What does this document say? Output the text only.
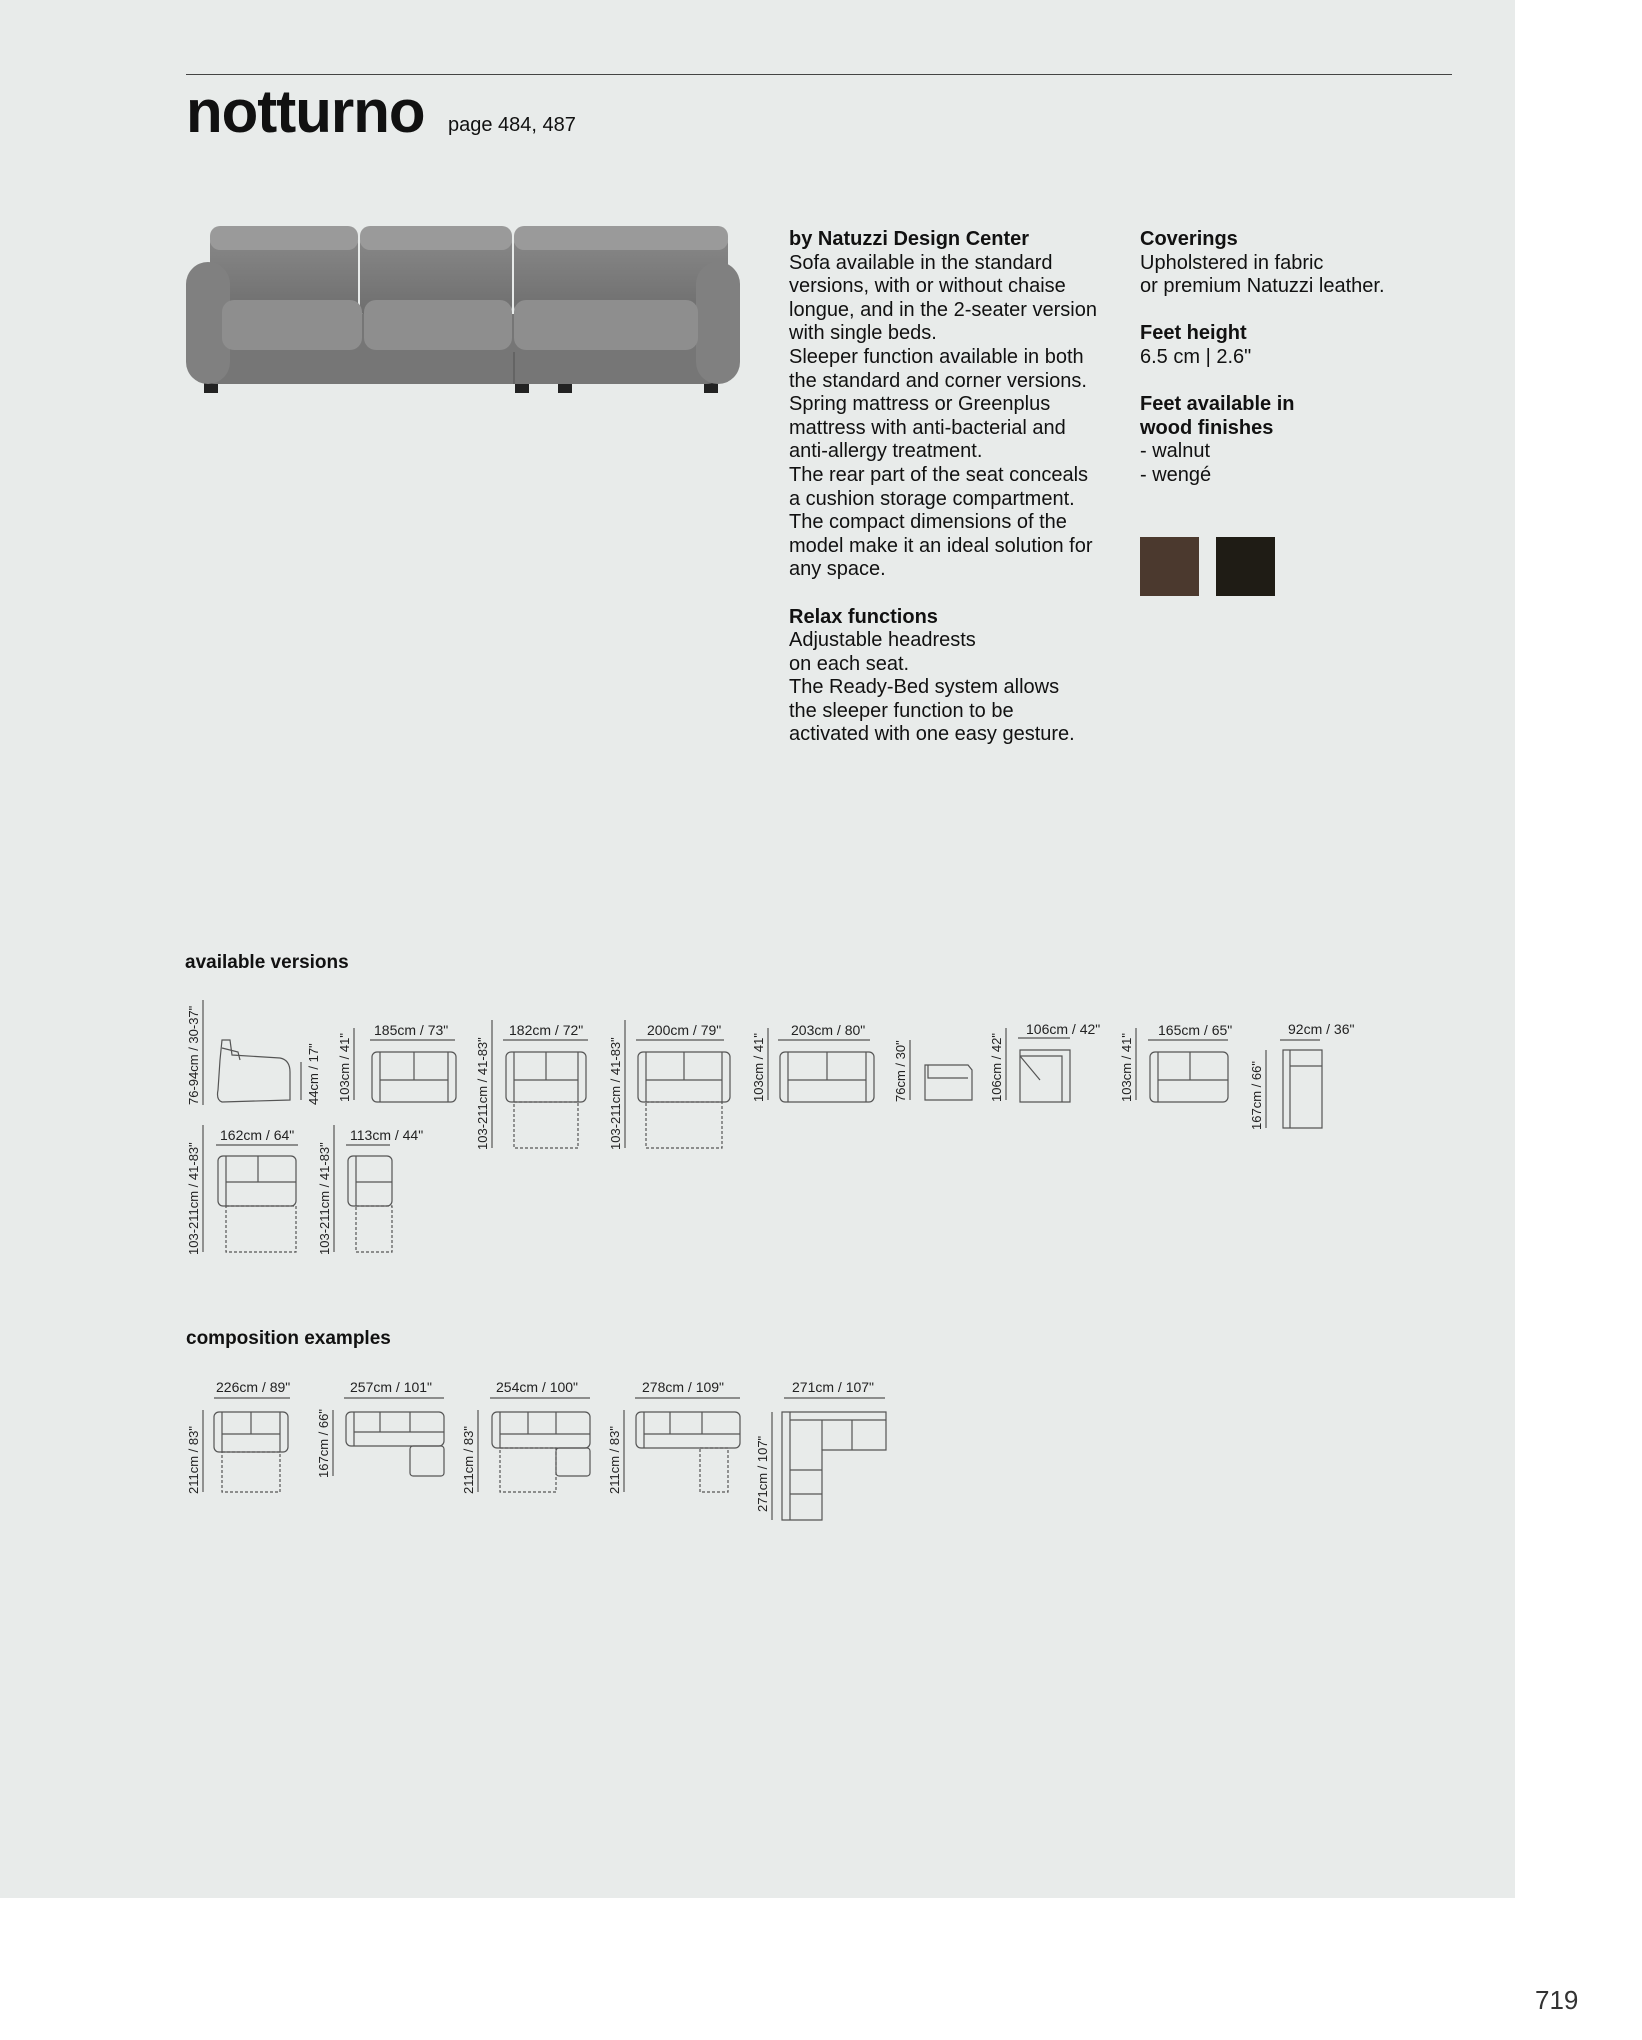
notturno page 484, 487
by Natuzzi Design Center
Sofa available in the standard
versions, with or without chaise
longue, and in the 2-seater version
with single beds.
Sleeper function available in both
the standard and corner versions.
Spring mattress or Greenplus
mattress with anti-bacterial and
anti-allergy treatment.
The rear part of the seat conceals
a cushion storage compartment.
The compact dimensions of the
model make it an ideal solution for
any space.
Relax functions
Adjustable headrests
on each seat.
The Ready-Bed system allows
the sleeper function to be
activated with one easy gesture.
Coverings
Upholstered in fabric
or premium Natuzzi leather.
Feet height
6.5 cm | 2.6"
Feet available in
wood finishes
- walnut
- wengé
available versions
76-94cm / 30-37"	44cm / 17" 103cm / 41"
185cm / 73"
103-211cm / 41-83"
182cm / 72"
103-211cm / 41-83"
200cm / 79"
103cm / 41"
203cm / 80"
76cm / 30"	106cm / 42"
106cm / 42"
103cm / 41"
165cm / 65"
167cm / 66"
92cm / 36"
103-211cm / 41-83"
162cm / 64"
103-211cm / 41-83"
113cm / 44"
composition examples
211cm / 83"
226cm / 89"
167cm / 66"
257cm / 101"
211cm / 83"
254cm / 100"
211cm / 83"
278cm / 109"
271cm / 107"
271cm / 107"
719
